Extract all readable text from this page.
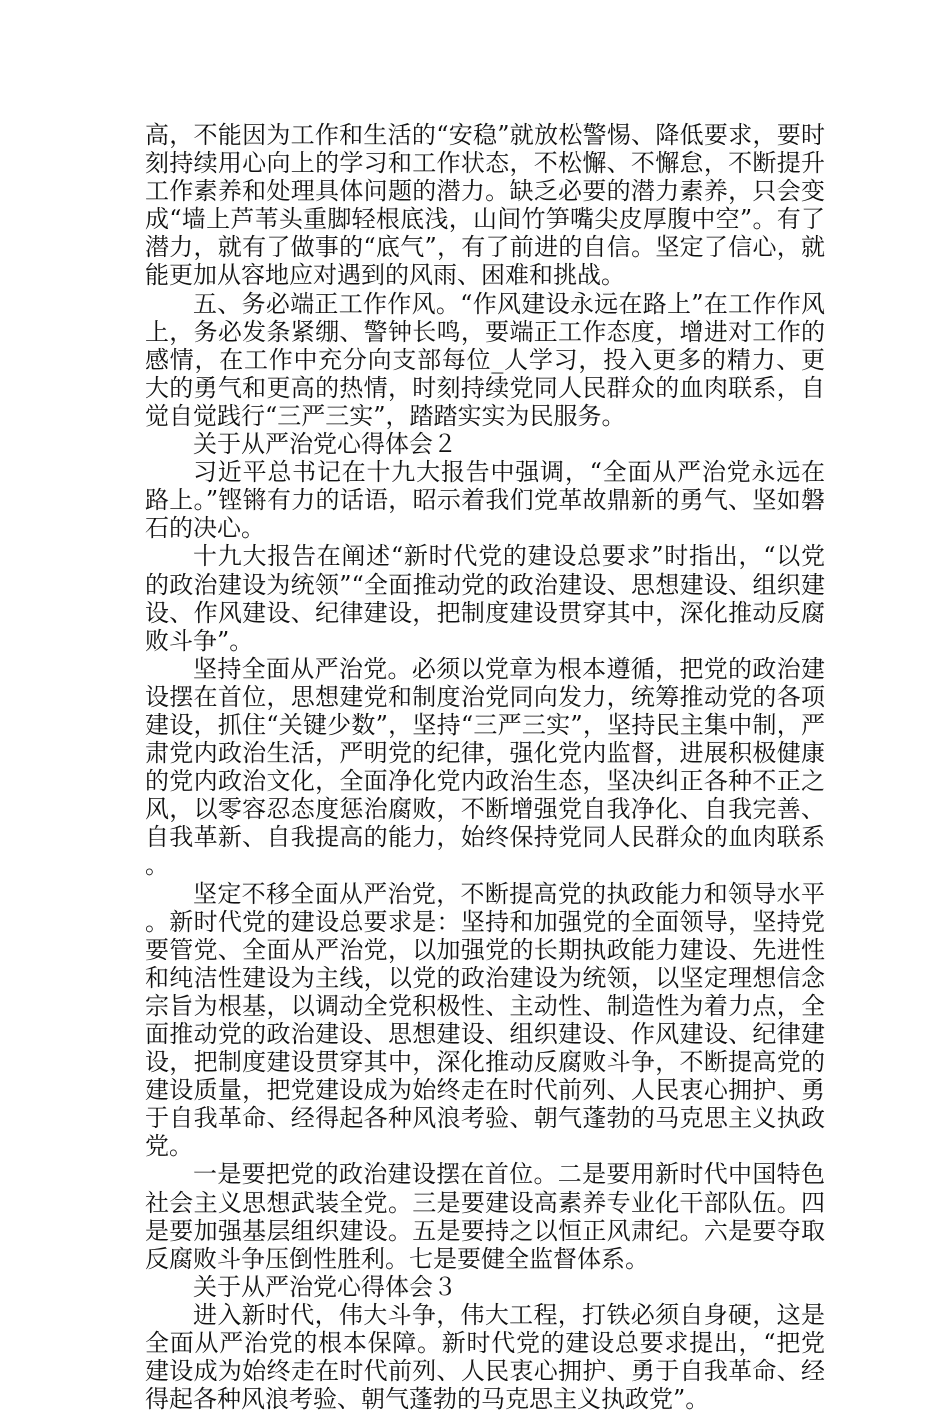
高，不能因为工作和生活的“安稳”就放松警惕、降低要求，要时刻持续用心向上的学习和工作状态，不松懈、不懈怠，不断提升工作素养和处理具体问题的潜力。缺乏必要的潜力素养，只会变成“墙上芦苇头重脚轻根底浅，山间竹笋嘴尖皮厚腹中空”。有了潜力，就有了做事的“底气”，有了前进的自信。坚定了信心，就能更加从容地应对遇到的风雨、困难和挑战。

五、务必端正工作作风。“作风建设永远在路上”在工作作风上，务必发条紧绷、警钟长鸣，要端正工作态度，增进对工作的感情，在工作中充分向支部每位_人学习，投入更多的精力、更大的勇气和更高的热情，时刻持续党同人民群众的血肉联系，自觉自觉践行“三严三实”，踏踏实实为民服务。

关于从严治党心得体会２

习近平总书记在十九大报告中强调，“全面从严治党永远在路上。”铿锵有力的话语，昭示着我们党革故鼎新的勇气、坚如磐石的决心。

十九大报告在阐述“新时代党的建设总要求”时指出，“以党的政治建设为统领”“全面推动党的政治建设、思想建设、组织建设、作风建设、纪律建设，把制度建设贯穿其中，深化推动反腐败斗争”。

坚持全面从严治党。必须以党章为根本遵循，把党的政治建设摆在首位，思想建党和制度治党同向发力，统筹推动党的各项建设，抓住“关键少数”，坚持“三严三实”，坚持民主集中制，严肃党内政治生活，严明党的纪律，强化党内监督，进展积极健康的党内政治文化，全面净化党内政治生态，坚决纠正各种不正之风，以零容忍态度惩治腐败，不断增强党自我净化、自我完善、自我革新、自我提高的能力，始终保持党同人民群众的血肉联系。

坚定不移全面从严治党，不断提高党的执政能力和领导水平。新时代党的建设总要求是：坚持和加强党的全面领导，坚持党要管党、全面从严治党，以加强党的长期执政能力建设、先进性和纯洁性建设为主线，以党的政治建设为统领，以坚定理想信念宗旨为根基，以调动全党积极性、主动性、制造性为着力点，全面推动党的政治建设、思想建设、组织建设、作风建设、纪律建设，把制度建设贯穿其中，深化推动反腐败斗争，不断提高党的建设质量，把党建设成为始终走在时代前列、人民衷心拥护、勇于自我革命、经得起各种风浪考验、朝气蓬勃的马克思主义执政党。

一是要把党的政治建设摆在首位。二是要用新时代中国特色社会主义思想武装全党。三是要建设高素养专业化干部队伍。四是要加强基层组织建设。五是要持之以恒正风肃纪。六是要夺取反腐败斗争压倒性胜利。七是要健全监督体系。

关于从严治党心得体会３

进入新时代，伟大斗争，伟大工程，打铁必须自身硬，这是全面从严治党的根本保障。新时代党的建设总要求提出，“把党建设成为始终走在时代前列、人民衷心拥护、勇于自我革命、经得起各种风浪考验、朝气蓬勃的马克思主义执政党”。
